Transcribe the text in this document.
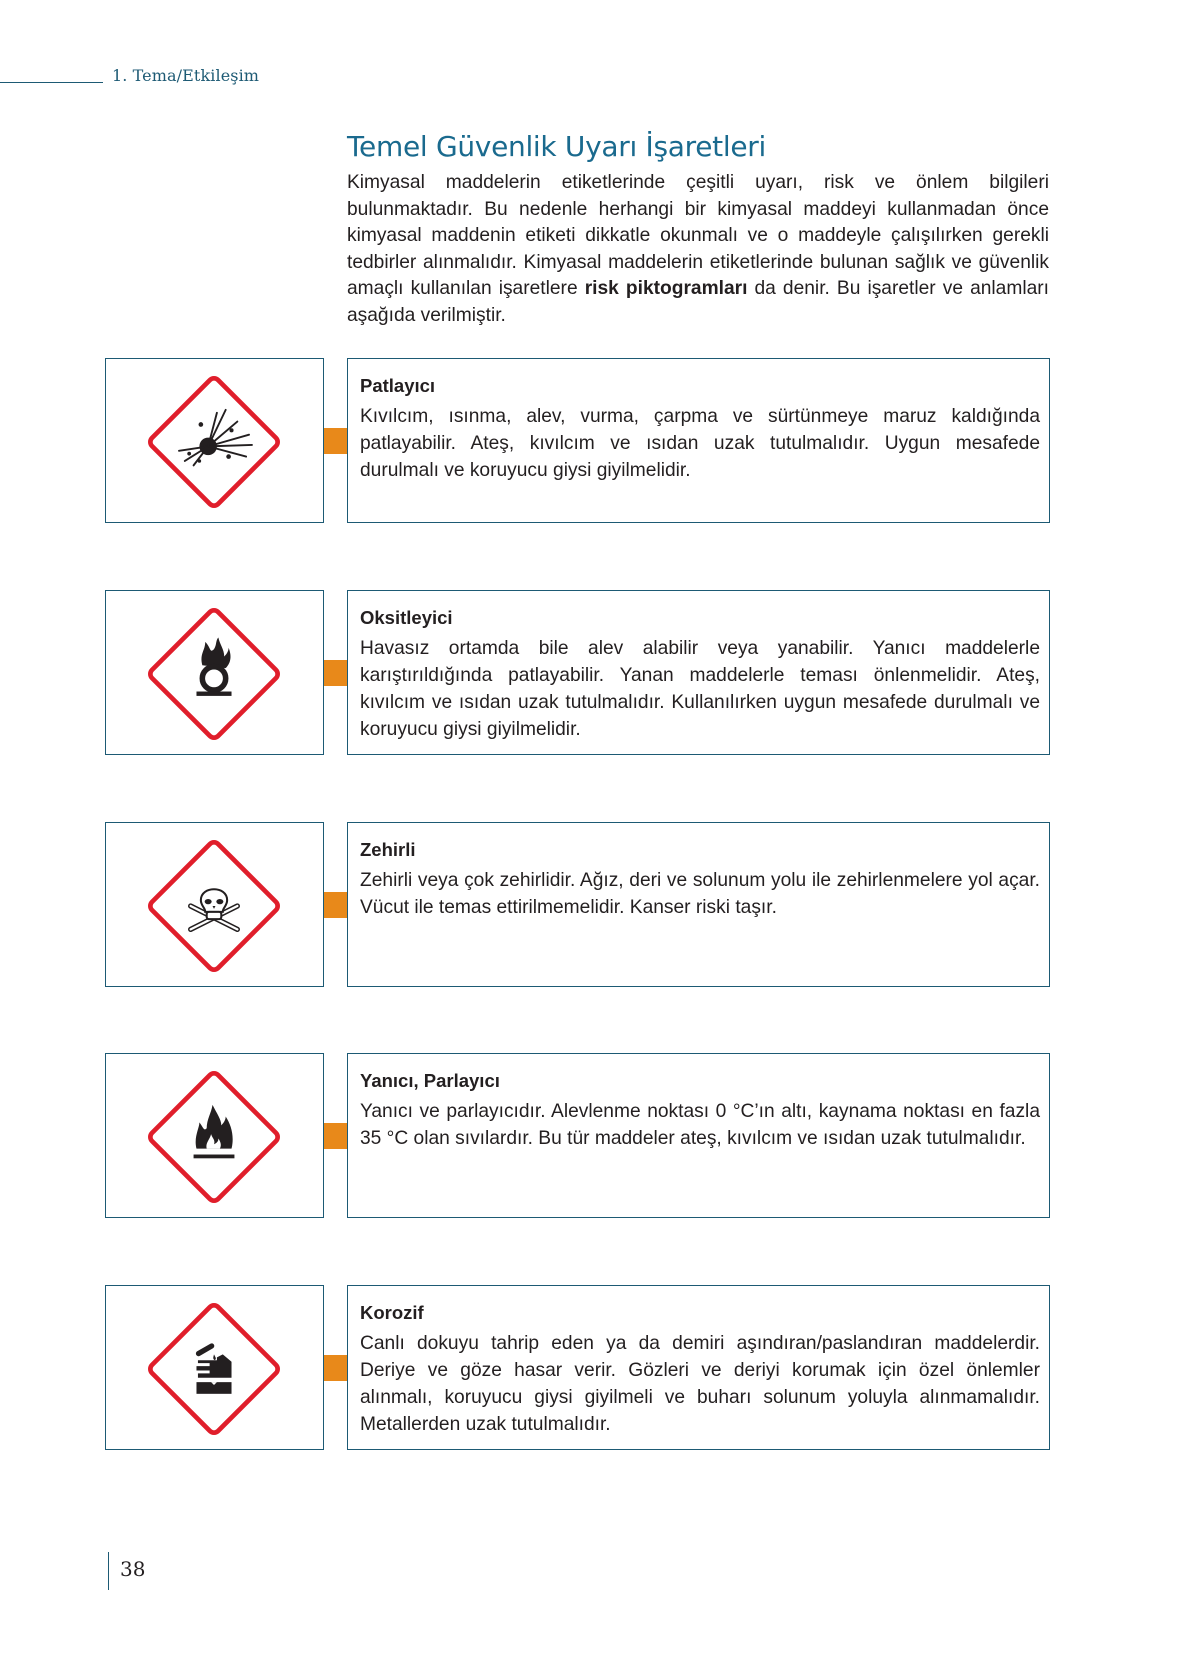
1. Tema/Etkileşim
Temel Güvenlik Uyarı İşaretleri

Kimyasal maddelerin etiketlerinde çeşitli uyarı, risk ve önlem bilgileri bulunmaktadır. Bu nedenle herhangi bir kimyasal maddeyi kullanmadan önce kimyasal maddenin etiketi dikkatle okunmalı ve o maddeyle çalışılırken gerekli tedbirler alınmalıdır. Kimyasal maddelerin etiketlerinde bulunan sağlık ve güvenlik amaçlı kullanılan işaretlere risk piktogramları da denir. Bu işaretler ve anlamları aşağıda verilmiştir.

Patlayıcı

Kıvılcım, ısınma, alev, vurma, çarpma ve sürtünmeye maruz kaldığında patlayabilir. Ateş, kıvılcım ve ısıdan uzak tutulmalıdır. Uygun mesafede durulmalı ve koruyucu giysi giyilmelidir.

Oksitleyici

Havasız ortamda bile alev alabilir veya yanabilir. Yanıcı maddelerle karıştırıldığında patlayabilir. Yanan maddelerle teması önlenmelidir. Ateş, kıvılcım ve ısıdan uzak tutulmalıdır. Kullanılırken uygun mesafede durulmalı ve koruyucu giysi giyilmelidir.

Zehirli

Zehirli veya çok zehirlidir. Ağız, deri ve solunum yolu ile zehirlenmelere yol açar. Vücut ile temas ettirilmemelidir. Kanser riski taşır.

Yanıcı, Parlayıcı

Yanıcı ve parlayıcıdır. Alevlenme noktası 0 °C’ın altı, kaynama noktası en fazla 35 °C olan sıvılardır. Bu tür maddeler ateş, kıvılcım ve ısıdan uzak tutulmalıdır.

Korozif

Canlı dokuyu tahrip eden ya da demiri aşındıran/paslandıran maddelerdir. Deriye ve göze hasar verir. Gözleri ve deriyi korumak için özel önlemler alınmalı, koruyucu giysi giyilmeli ve buharı solunum yoluyla alınmamalıdır. Metallerden uzak tutulmalıdır.

38
